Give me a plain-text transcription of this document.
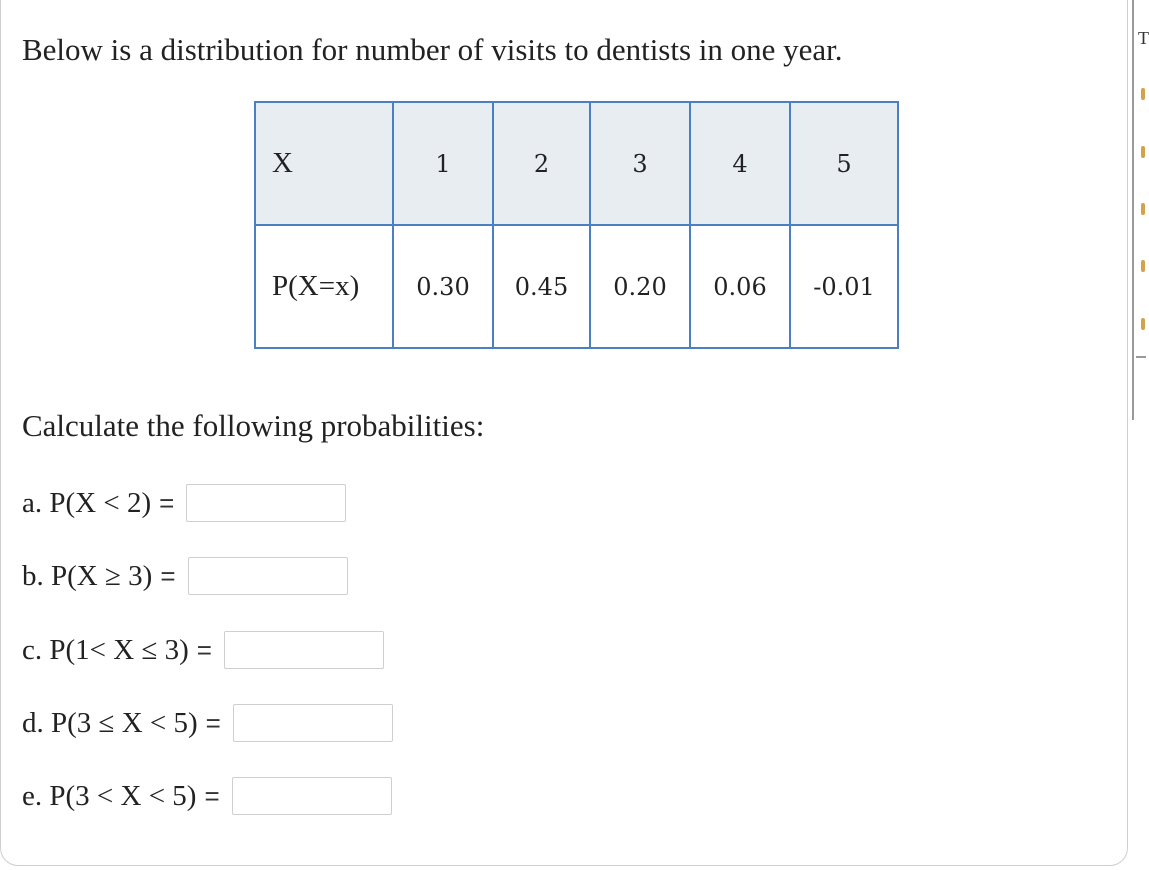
Below is a distribution for number of visits to dentists in one year.

X	1	2	3	4	5
P(X=x)	0.30	0.45	0.20	0.06	-0.01

Calculate the following probabilities:

a. P(X < 2) =
b. P(X ≥ 3) =
c. P(1< X ≤ 3) =
d. P(3 ≤ X < 5) =
e. P(3 < X < 5) =
T
